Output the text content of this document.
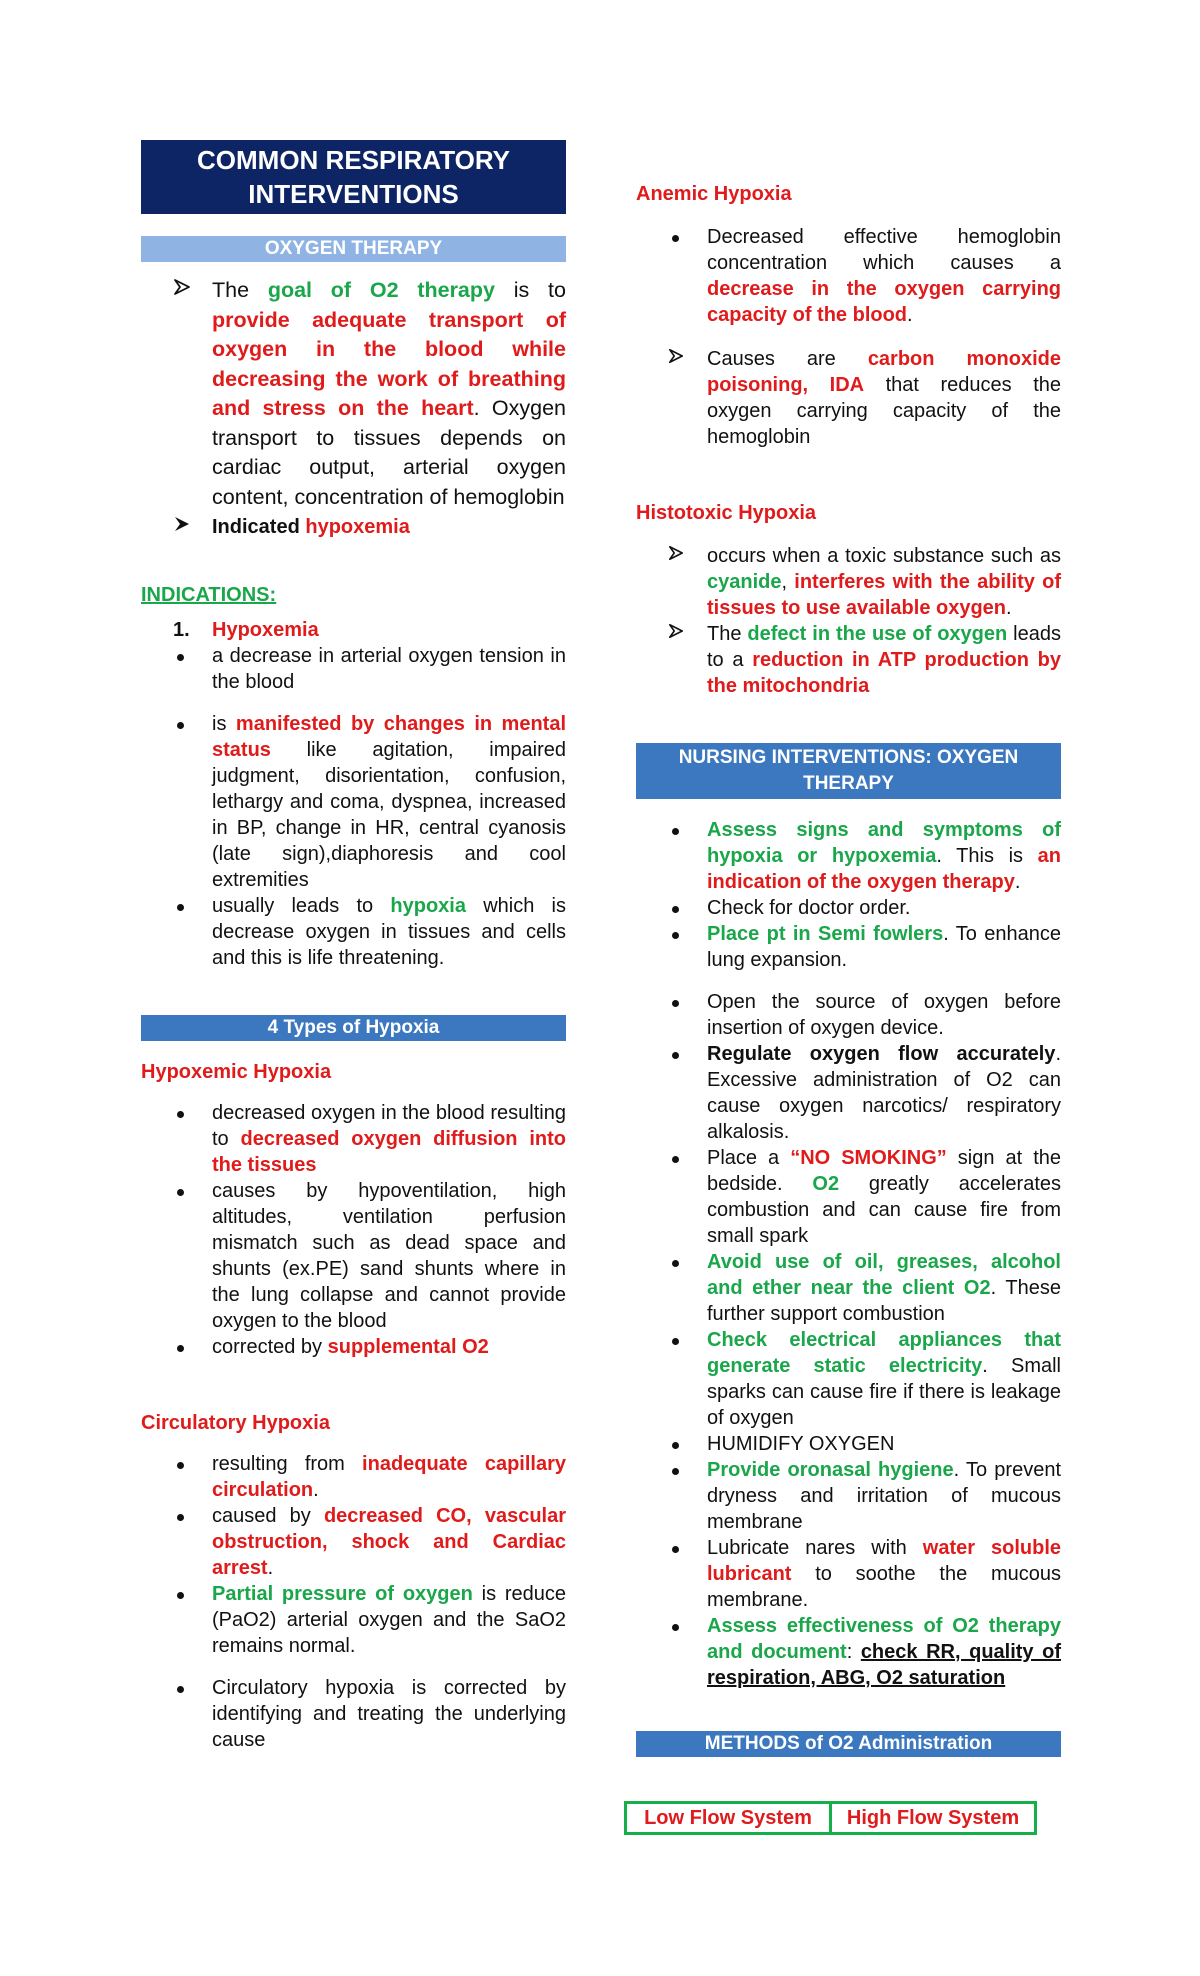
COMMON RESPIRATORY
INTERVENTIONS
OXYGEN THERAPY
The goal of O2 therapy is to provide adequate transport of oxygen in the blood while decreasing the work of breathing and stress on the heart. Oxygen transport to tissues depends on cardiac output, arterial oxygen content, concentration of hemoglobin
Indicated hypoxemia
INDICATIONS:
1.	Hypoxemia
a decrease in arterial oxygen tension in the blood
is manifested by changes in mental status like agitation, impaired judgment, disorientation, confusion, lethargy and coma, dyspnea, increased in BP, change in HR, central cyanosis (late sign),diaphoresis and cool extremities
usually leads to hypoxia which is decrease oxygen in tissues and cells and this is life threatening.
4 Types of Hypoxia
Hypoxemic Hypoxia
decreased oxygen in the blood resulting to decreased oxygen diffusion into the tissues
causes by hypoventilation, high altitudes, ventilation perfusion mismatch such as dead space and shunts (ex.PE) sand shunts where in the lung collapse and cannot provide oxygen to the blood
corrected by supplemental O2
Circulatory Hypoxia
resulting from inadequate capillary circulation.
caused by decreased CO, vascular obstruction, shock and Cardiac arrest.
Partial pressure of oxygen is reduce (PaO2) arterial oxygen and the SaO2 remains normal.
Circulatory hypoxia is corrected by identifying and treating the underlying cause
Anemic Hypoxia
Decreased effective hemoglobin concentration which causes a decrease in the oxygen carrying capacity of the blood.
Causes are carbon monoxide poisoning, IDA that reduces the oxygen carrying capacity of the hemoglobin
Histotoxic Hypoxia
occurs when a toxic substance such as cyanide, interferes with the ability of tissues to use available oxygen.
The defect in the use of oxygen leads to a reduction in ATP production by the mitochondria
NURSING INTERVENTIONS: OXYGEN
THERAPY
Assess signs and symptoms of hypoxia or hypoxemia. This is an indication of the oxygen therapy.
Check for doctor order.
Place pt in Semi fowlers. To enhance lung expansion.
Open the source of oxygen before insertion of oxygen device.
Regulate oxygen flow accurately. Excessive administration of O2 can cause oxygen narcotics/ respiratory alkalosis.
Place a “NO SMOKING” sign at the bedside. O2 greatly accelerates combustion and can cause fire from small spark
Avoid use of oil, greases, alcohol and ether near the client O2. These further support combustion
Check electrical appliances that generate static electricity. Small sparks can cause fire if there is leakage of oxygen
HUMIDIFY OXYGEN
Provide oronasal hygiene. To prevent dryness and irritation of mucous membrane
Lubricate nares with water soluble lubricant to soothe the mucous membrane.
Assess effectiveness of O2 therapy and document: check RR, quality of respiration, ABG, O2 saturation
METHODS of O2 Administration
Low Flow System	High Flow System
